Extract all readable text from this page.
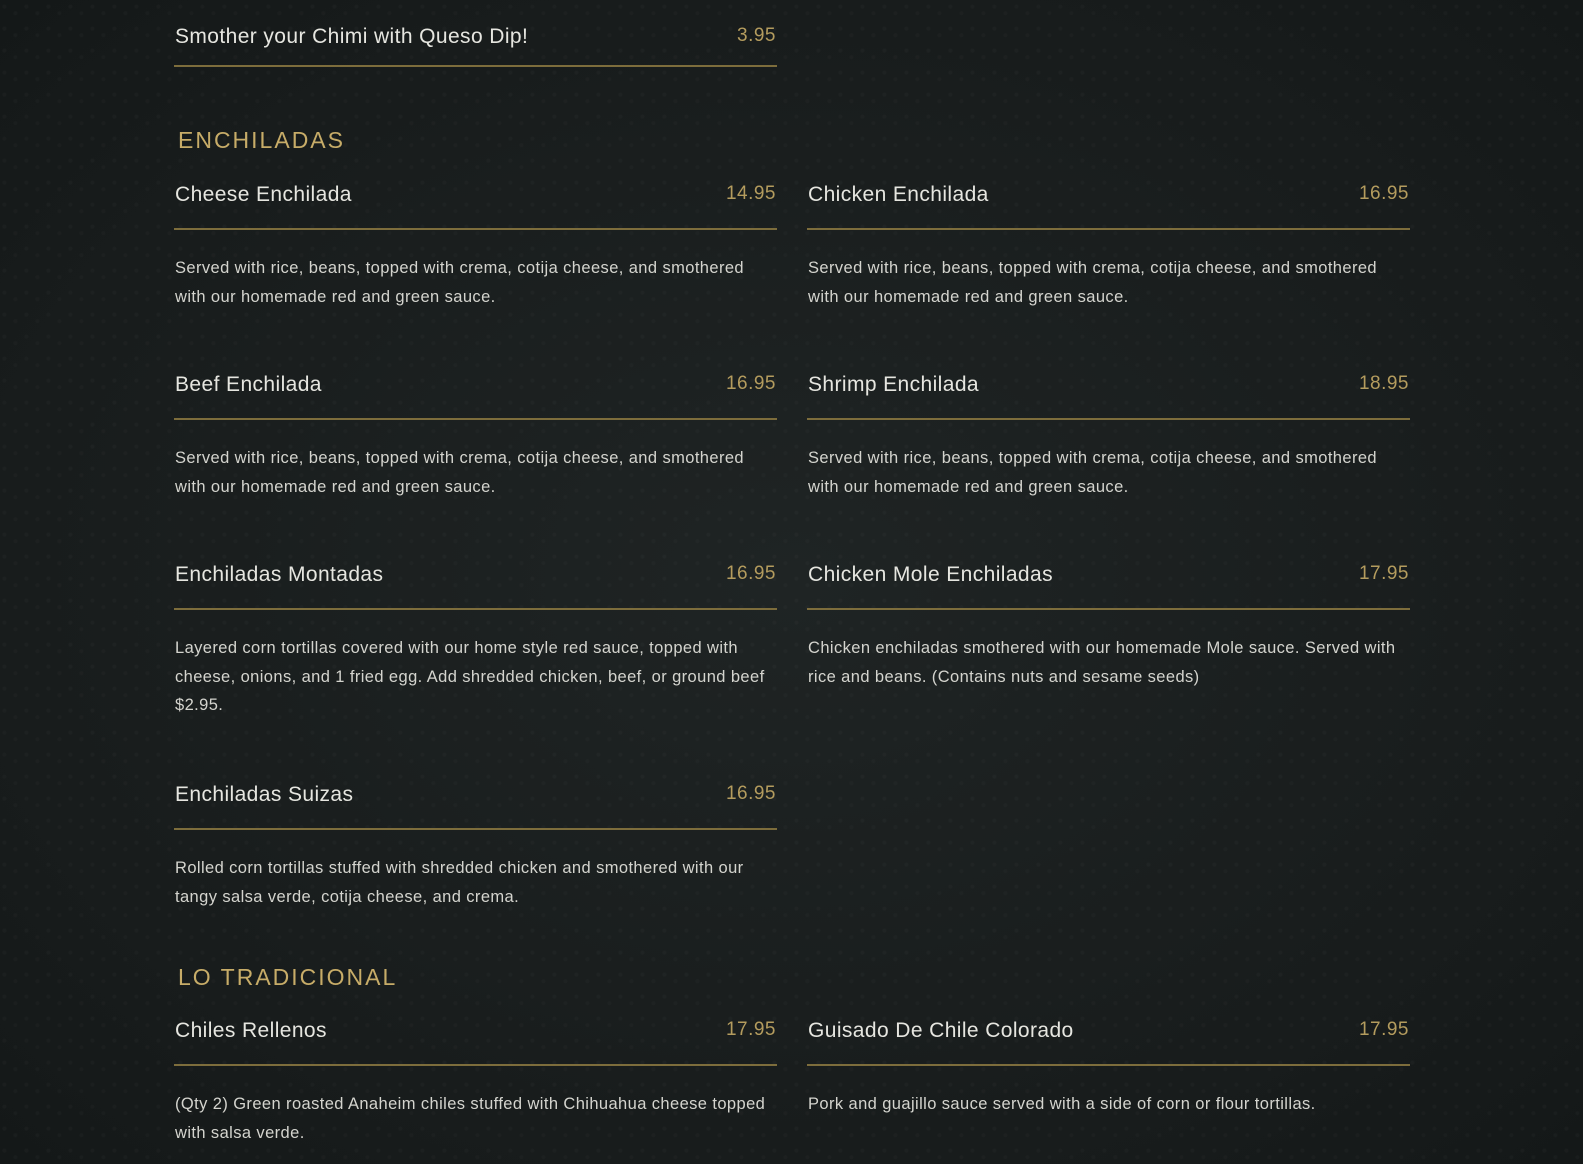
Smother your Chimi with Queso Dip!	3.95
ENCHILADAS
Cheese Enchilada	14.95
Served with rice, beans, topped with crema, cotija cheese, and smothered with our homemade red and green sauce.
Chicken Enchilada	16.95
Served with rice, beans, topped with crema, cotija cheese, and smothered with our homemade red and green sauce.
Beef Enchilada	16.95
Served with rice, beans, topped with crema, cotija cheese, and smothered with our homemade red and green sauce.
Shrimp Enchilada	18.95
Served with rice, beans, topped with crema, cotija cheese, and smothered with our homemade red and green sauce.
Enchiladas Montadas	16.95
Layered corn tortillas covered with our home style red sauce, topped with cheese, onions, and 1 fried egg. Add shredded chicken, beef, or ground beef $2.95.
Chicken Mole Enchiladas	17.95
Chicken enchiladas smothered with our homemade Mole sauce. Served with rice and beans. (Contains nuts and sesame seeds)
Enchiladas Suizas	16.95
Rolled corn tortillas stuffed with shredded chicken and smothered with our tangy salsa verde, cotija cheese, and crema.
LO TRADICIONAL
Chiles Rellenos	17.95
(Qty 2) Green roasted Anaheim chiles stuffed with Chihuahua cheese topped with salsa verde.
Guisado De Chile Colorado	17.95
Pork and guajillo sauce served with a side of corn or flour tortillas.
